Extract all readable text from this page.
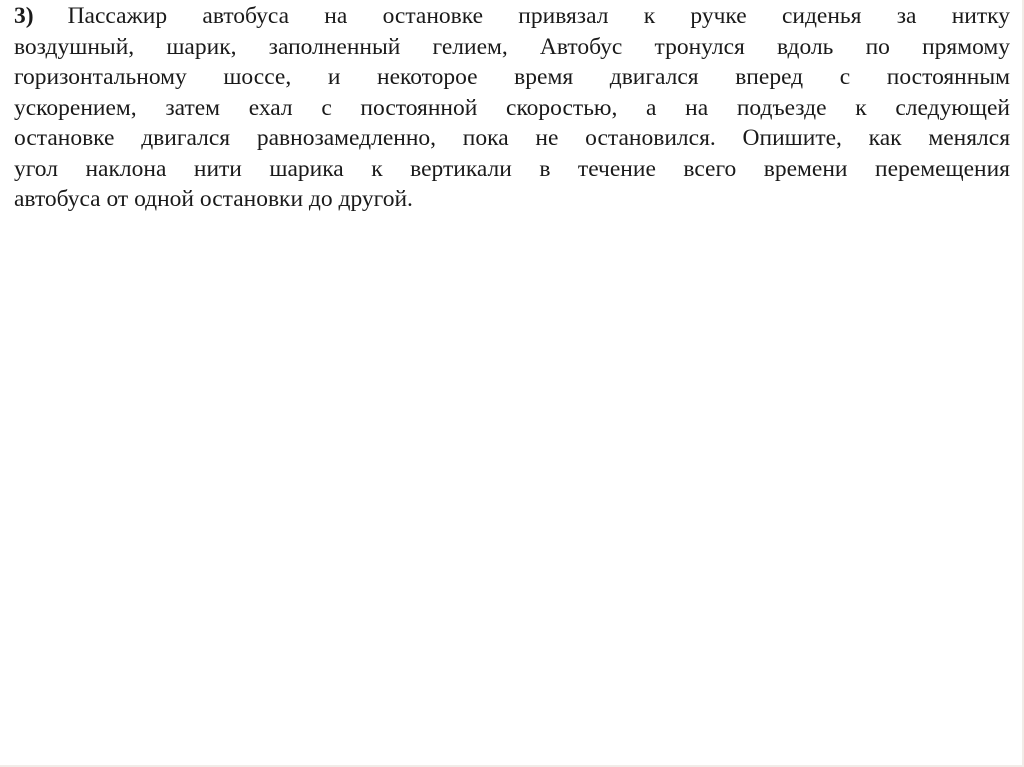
3) Пассажир автобуса на остановке привязал к ручке сиденья за нитку
воздушный, шарик, заполненный гелием, Автобус тронулся вдоль по прямому
горизонтальному шоссе, и некоторое время двигался вперед с постоянным
ускорением, затем ехал с постоянной скоростью, а на подъезде к следующей
остановке двигался равнозамедленно, пока не остановился. Опишите, как менялся
угол наклона нити шарика к вертикали в течение всего времени перемещения
автобуса от одной остановки до другой.
